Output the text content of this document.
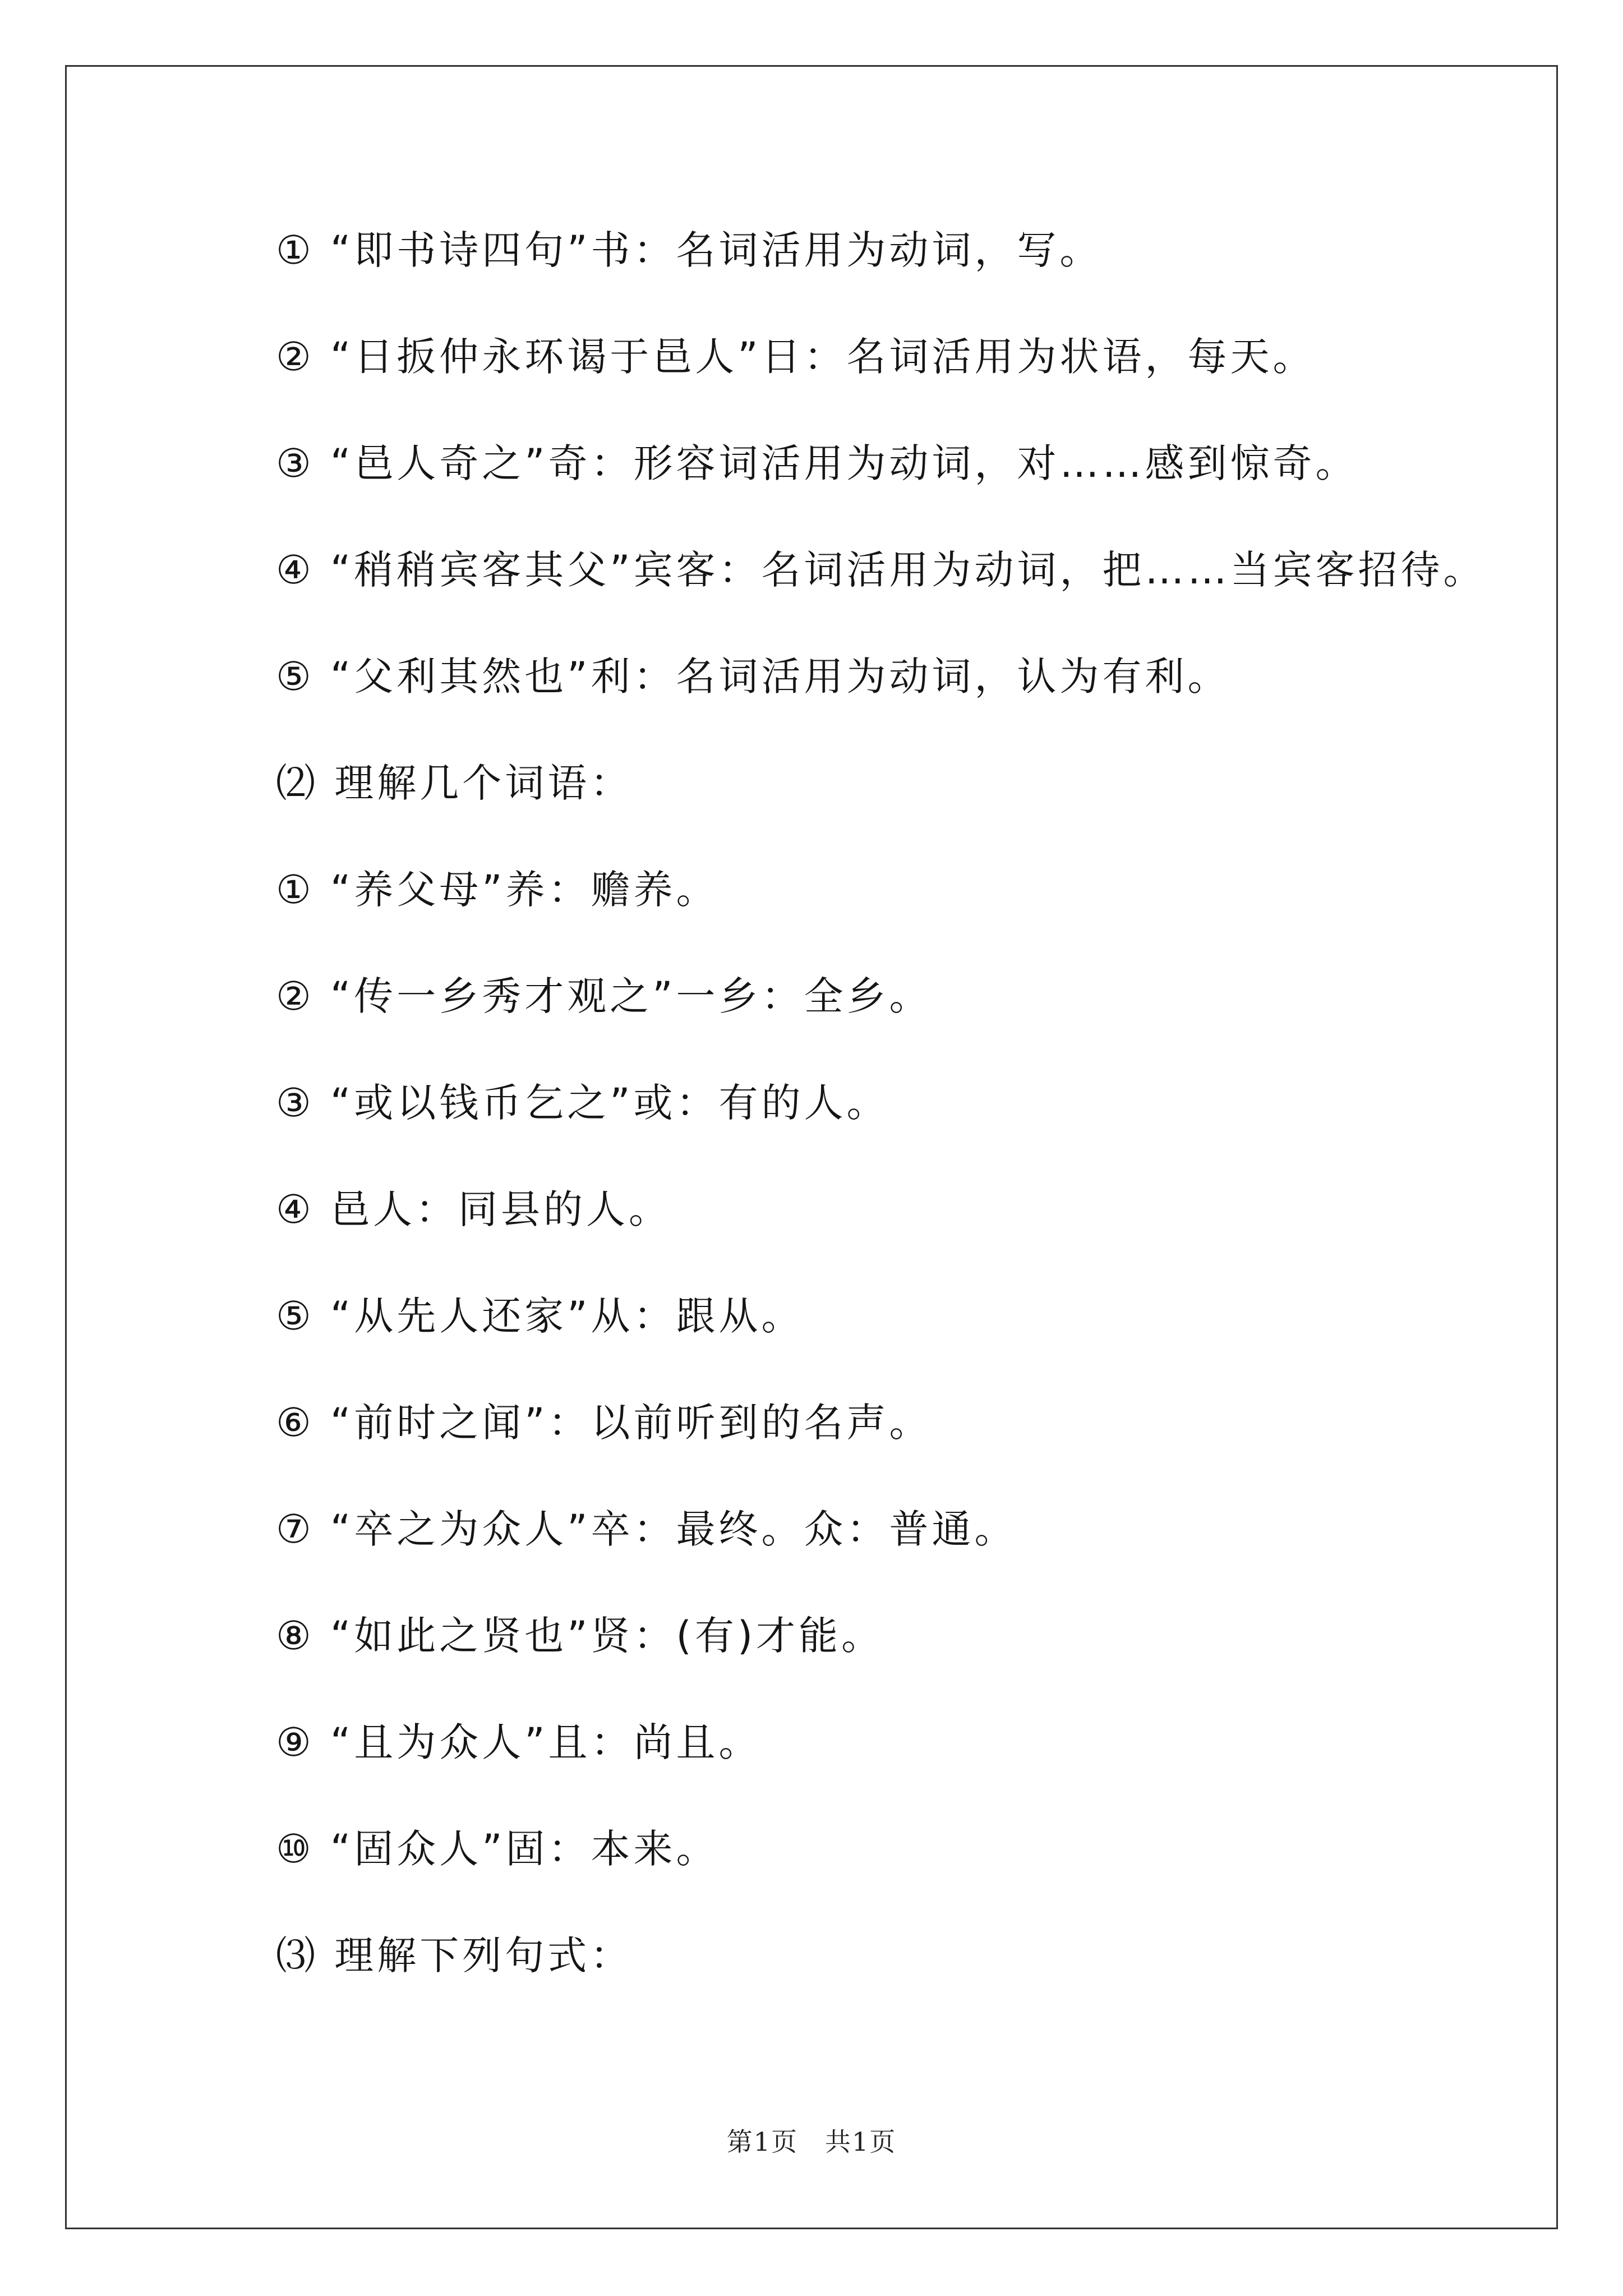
① “即书诗四句”书：名词活用为动词，写。
② “日扳仲永环谒于邑人”日：名词活用为状语，每天。
③ “邑人奇之”奇：形容词活用为动词，对……感到惊奇。
④ “稍稍宾客其父”宾客：名词活用为动词，把……当宾客招待。
⑤ “父利其然也”利：名词活用为动词，认为有利。
⑵ 理解几个词语：
① “养父母”养：赡养。
② “传一乡秀才观之”一乡：全乡。
③ “或以钱币乞之”或：有的人。
④ 邑人：同县的人。
⑤ “从先人还家”从：跟从。
⑥ “前时之闻”：以前听到的名声。
⑦ “卒之为众人”卒：最终。众：普通。
⑧ “如此之贤也”贤：(有)才能。
⑨ “且为众人”且：尚且。
⑩ “固众人”固：本来。
⑶ 理解下列句式：
第1页　共1页
